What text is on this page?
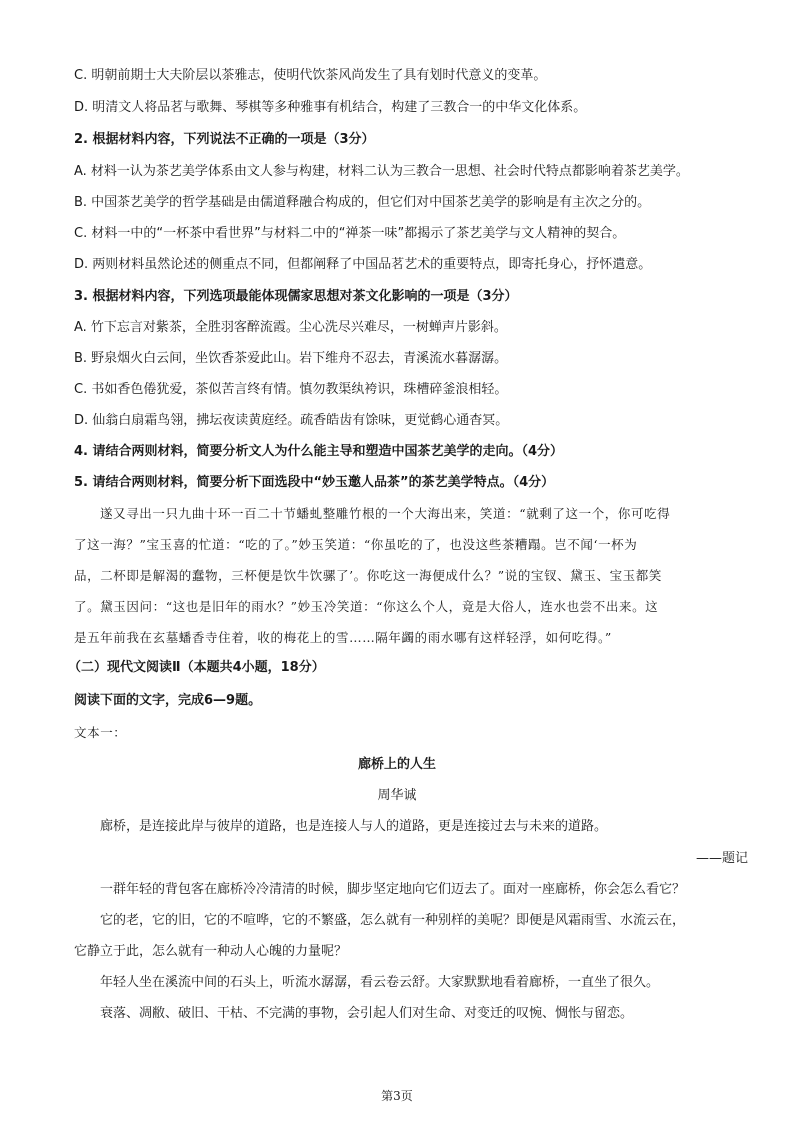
C. 明朝前期士大夫阶层以茶雅志，使明代饮茶风尚发生了具有划时代意义的变革。
D. 明清文人将品茗与歌舞、琴棋等多种雅事有机结合，构建了三教合一的中华文化体系。
2. 根据材料内容，下列说法不正确的一项是（3分）
A. 材料一认为茶艺美学体系由文人参与构建，材料二认为三教合一思想、社会时代特点都影响着茶艺美学。
B. 中国茶艺美学的哲学基础是由儒道释融合构成的，但它们对中国茶艺美学的影响是有主次之分的。
C. 材料一中的“一杯茶中看世界”与材料二中的“禅茶一味”都揭示了茶艺美学与文人精神的契合。
D. 两则材料虽然论述的侧重点不同，但都阐释了中国品茗艺术的重要特点，即寄托身心，抒怀遣意。
3. 根据材料内容，下列选项最能体现儒家思想对茶文化影响的一项是（3分）
A. 竹下忘言对紫茶，全胜羽客醉流霞。尘心洗尽兴难尽，一树蝉声片影斜。
B. 野泉烟火白云间，坐饮香茶爱此山。岩下维舟不忍去，青溪流水暮潺潺。
C. 书如香色倦犹爱，茶似苦言终有情。慎勿教渠纨袴识，珠槽碎釜浪相轻。
D. 仙翁白扇霜鸟翎，拂坛夜读黄庭经。疏香皓齿有馀味，更觉鹤心通杳冥。
4. 请结合两则材料，简要分析文人为什么能主导和塑造中国茶艺美学的走向。（4分）
5. 请结合两则材料，简要分析下面选段中“妙玉邀人品茶”的茶艺美学特点。（4分）
遂又寻出一只九曲十环一百二十节蟠虬整雕竹根的一个大海出来，笑道：“就剩了这一个，你可吃得
了这一海？”宝玉喜的忙道：“吃的了。”妙玉笑道：“你虽吃的了，也没这些茶糟蹋。岂不闻‘一杯为
品，二杯即是解渴的蠢物，三杯便是饮牛饮骡了’。你吃这一海便成什么？”说的宝钗、黛玉、宝玉都笑
了。黛玉因问：“这也是旧年的雨水？”妙玉冷笑道：“你这么个人，竟是大俗人，连水也尝不出来。这
是五年前我在玄墓蟠香寺住着，收的梅花上的雪……隔年蠲的雨水哪有这样轻浮，如何吃得。”
（二）现代文阅读Ⅱ（本题共4小题，18分）
阅读下面的文字，完成6—9题。
文本一：
廊桥上的人生
周华诚
廊桥，是连接此岸与彼岸的道路，也是连接人与人的道路，更是连接过去与未来的道路。
——题记
一群年轻的背包客在廊桥冷冷清清的时候，脚步坚定地向它们迈去了。面对一座廊桥，你会怎么看它？
它的老，它的旧，它的不喧哗，它的不繁盛，怎么就有一种别样的美呢？即便是风霜雨雪、水流云在，
它静立于此，怎么就有一种动人心魄的力量呢？
年轻人坐在溪流中间的石头上，听流水潺潺，看云卷云舒。大家默默地看着廊桥，一直坐了很久。
衰落、凋敝、破旧、干枯、不完满的事物，会引起人们对生命、对变迁的叹惋、惆怅与留恋。
第3页
